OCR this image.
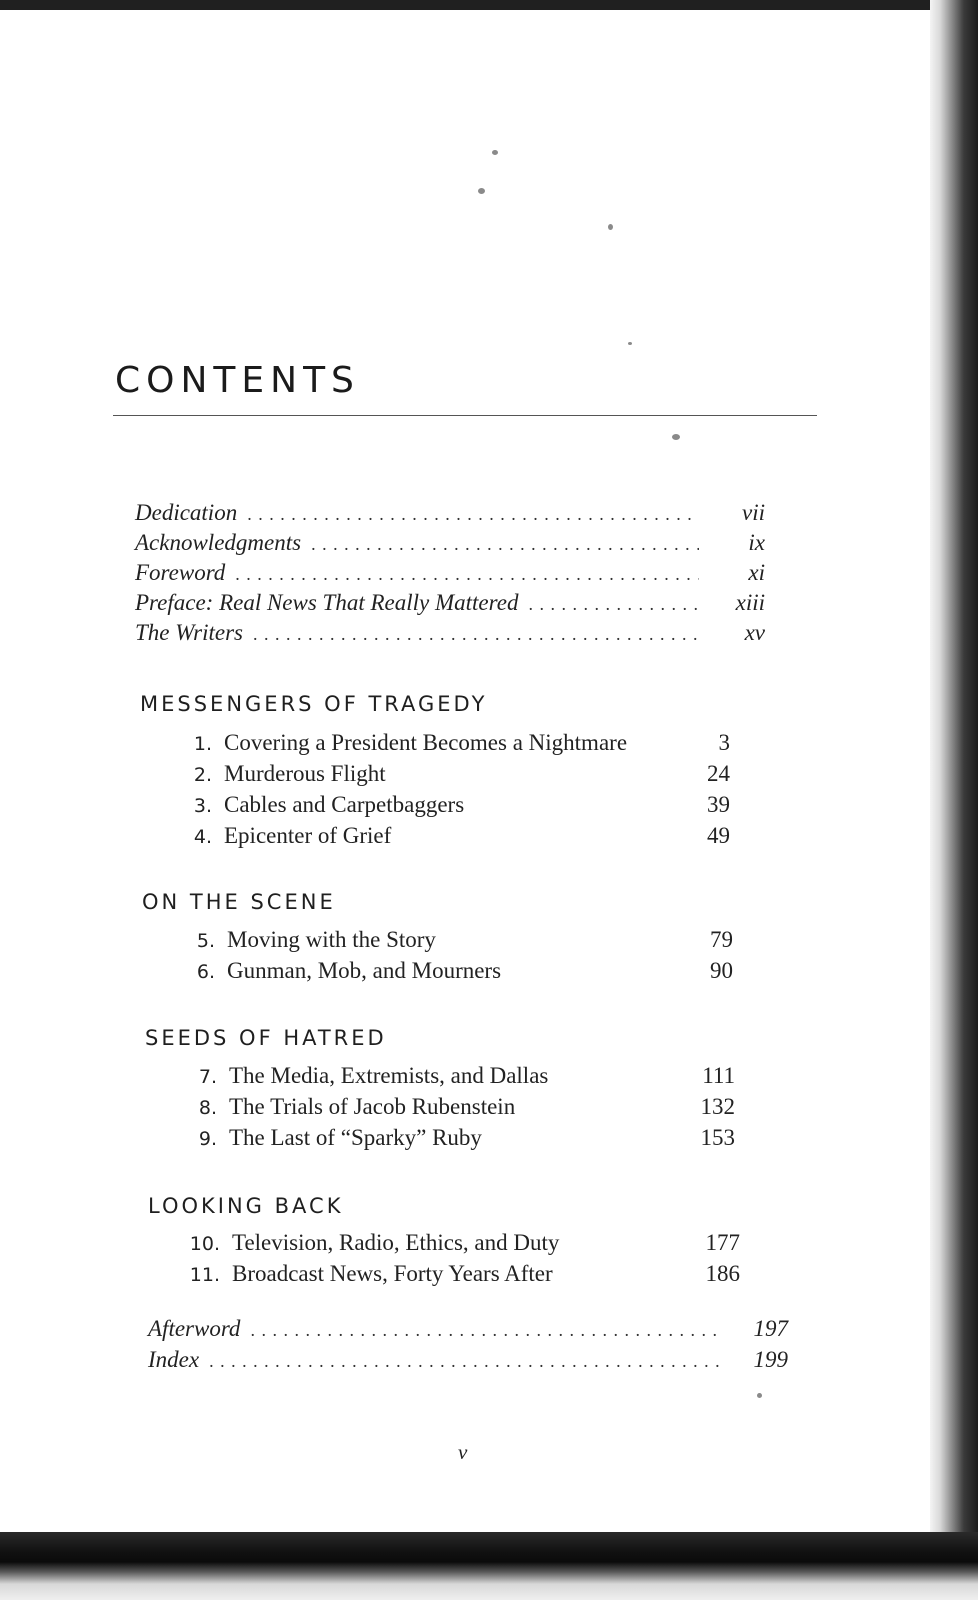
CONTENTS
Dedication . . .	vii
Acknowledgments . . .	ix
Foreword . . .	xi
Preface: Real News That Really Mattered . . .	xiii
The Writers . . .	xv
MESSENGERS OF TRAGEDY
1. Covering a President Becomes a Nightmare	3
2. Murderous Flight	24
3. Cables and Carpetbaggers	39
4. Epicenter of Grief	49
ON THE SCENE
5. Moving with the Story	79
6. Gunman, Mob, and Mourners	90
SEEDS OF HATRED
7. The Media, Extremists, and Dallas	111
8. The Trials of Jacob Rubenstein	132
9. The Last of “Sparky” Ruby	153
LOOKING BACK
10. Television, Radio, Ethics, and Duty	177
11. Broadcast News, Forty Years After	186
Afterword . . .	197
Index . . .	199
v
